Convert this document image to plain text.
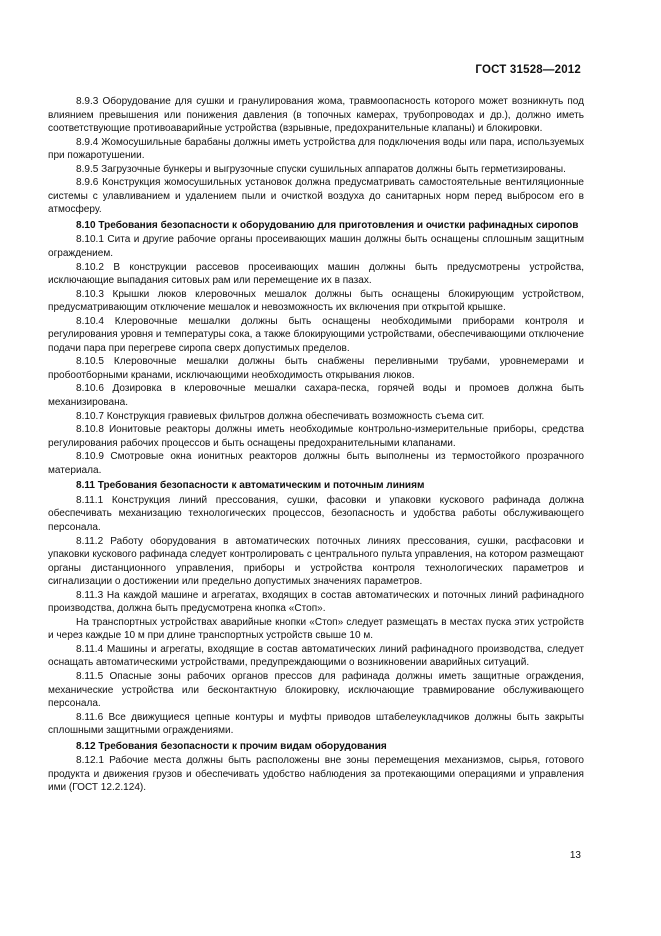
ГОСТ 31528—2012

8.9.3 Оборудование для сушки и гранулирования жома, травмоопасность которого может возникнуть под влиянием превышения или понижения давления (в топочных камерах, трубопроводах и др.), должно иметь соответствующие противоаварийные устройства (взрывные, предохранительные клапаны) и блокировки.

8.9.4 Жомосушильные барабаны должны иметь устройства для подключения воды или пара, используемых при пожаротушении.

8.9.5 Загрузочные бункеры и выгрузочные спуски сушильных аппаратов должны быть герметизированы.

8.9.6 Конструкция жомосушильных установок должна предусматривать самостоятельные вентиляционные системы с улавливанием и удалением пыли и очисткой воздуха до санитарных норм перед выбросом его в атмосферу.

8.10 Требования безопасности к оборудованию для приготовления и очистки рафинадных сиропов

8.10.1 Сита и другие рабочие органы просеивающих машин должны быть оснащены сплошным защитным ограждением.

8.10.2 В конструкции рассевов просеивающих машин должны быть предусмотрены устройства, исключающие выпадания ситовых рам или перемещение их в пазах.

8.10.3 Крышки люков клеровочных мешалок должны быть оснащены блокирующим устройством, предусматривающим отключение мешалок и невозможность их включения при открытой крышке.

8.10.4 Клеровочные мешалки должны быть оснащены необходимыми приборами контроля и регулирования уровня и температуры сока, а также блокирующими устройствами, обеспечивающими отключение подачи пара при перегреве сиропа сверх допустимых пределов.

8.10.5 Клеровочные мешалки должны быть снабжены переливными трубами, уровнемерами и пробоотборными кранами, исключающими необходимость открывания люков.

8.10.6 Дозировка в клеровочные мешалки сахара-песка, горячей воды и промоев должна быть механизирована.

8.10.7 Конструкция гравиевых фильтров должна обеспечивать возможность съема сит.

8.10.8 Ионитовые реакторы должны иметь необходимые контрольно-измерительные приборы, средства регулирования рабочих процессов и быть оснащены предохранительными клапанами.

8.10.9 Смотровые окна ионитных реакторов должны быть выполнены из термостойкого прозрачного материала.

8.11 Требования безопасности к автоматическим и поточным линиям

8.11.1 Конструкция линий прессования, сушки, фасовки и упаковки кускового рафинада должна обеспечивать механизацию технологических процессов, безопасность и удобства работы обслуживающего персонала.

8.11.2 Работу оборудования в автоматических поточных линиях прессования, сушки, расфасовки и упаковки кускового рафинада следует контролировать с центрального пульта управления, на котором размещают органы дистанционного управления, приборы и устройства контроля технологических параметров и сигнализации о достижении или предельно допустимых значениях параметров.

8.11.3 На каждой машине и агрегатах, входящих в состав автоматических и поточных линий рафинадного производства, должна быть предусмотрена кнопка «Стоп».

На транспортных устройствах аварийные кнопки «Стоп» следует размещать в местах пуска этих устройств и через каждые 10 м при длине транспортных устройств свыше 10 м.

8.11.4 Машины и агрегаты, входящие в состав автоматических линий рафинадного производства, следует оснащать автоматическими устройствами, предупреждающими о возникновении аварийных ситуаций.

8.11.5 Опасные зоны рабочих органов прессов для рафинада должны иметь защитные ограждения, механические устройства или бесконтактную блокировку, исключающие травмирование обслуживающего персонала.

8.11.6 Все движущиеся цепные контуры и муфты приводов штабелеукладчиков должны быть закрыты сплошными защитными ограждениями.

8.12 Требования безопасности к прочим видам оборудования

8.12.1 Рабочие места должны быть расположены вне зоны перемещения механизмов, сырья, готового продукта и движения грузов и обеспечивать удобство наблюдения за протекающими операциями и управления ими (ГОСТ 12.2.124).

13
